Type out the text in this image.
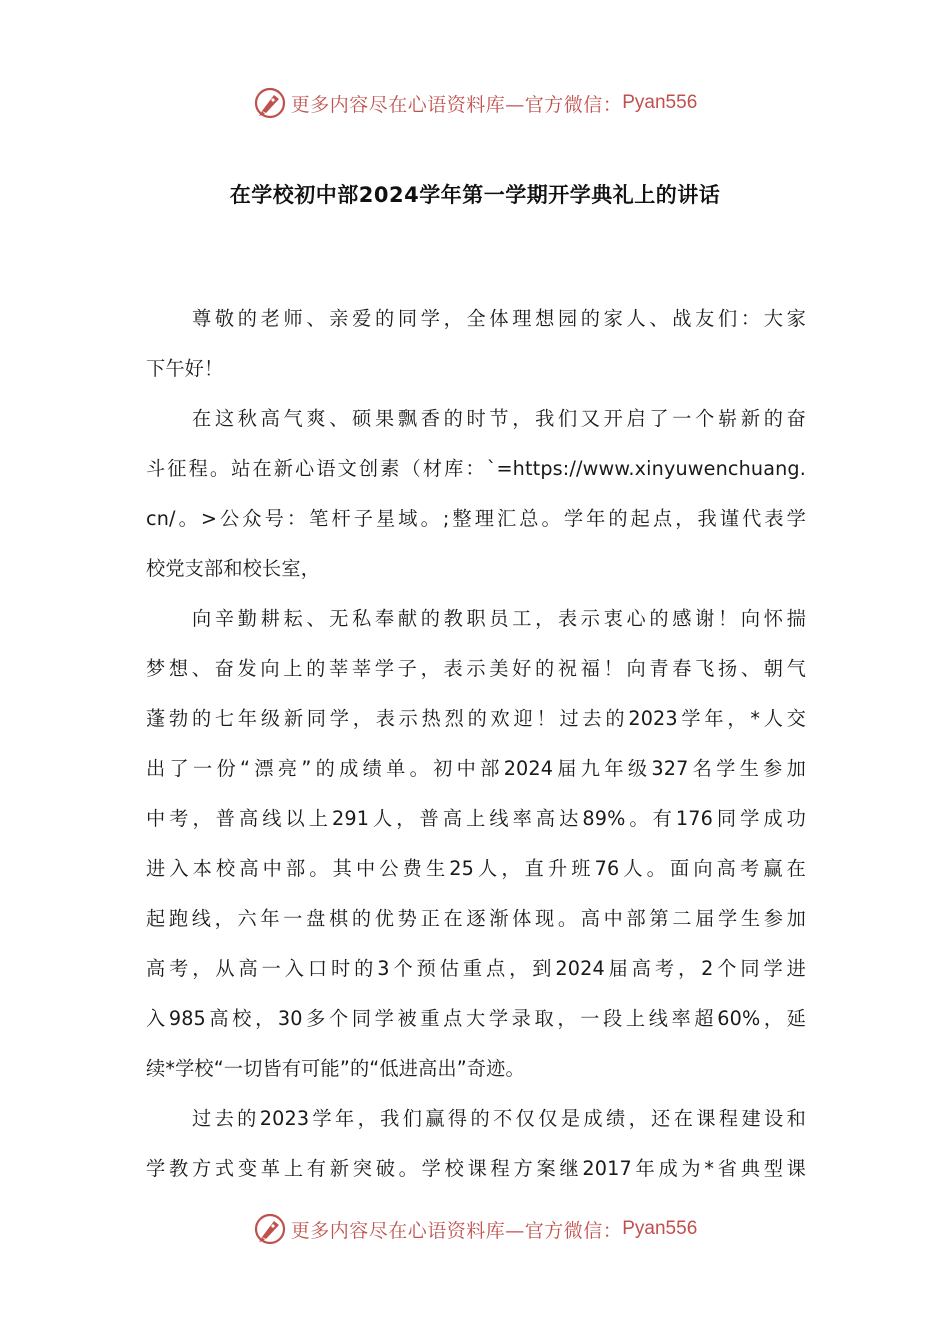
更多内容尽在心语资料库—官方微信： Pyan556
在学校初中部2024学年第一学期开学典礼上的讲话
尊敬的老师、亲爱的同学，全体理想园的家人、战友们：大家
下午好！
在这秋高气爽、硕果飘香的时节，我们又开启了一个崭新的奋
斗征程。站在新心语文创素（材库：`=https://www.xinyuwenchuang.
cn/。>公众号：笔杆子星域。;整理汇总。学年的起点，我谨代表学
校党支部和校长室，
向辛勤耕耘、无私奉献的教职员工，表示衷心的感谢！向怀揣
梦想、奋发向上的莘莘学子，表示美好的祝福！向青春飞扬、朝气
蓬勃的七年级新同学，表示热烈的欢迎！过去的2023学年，*人交
出了一份“漂亮”的成绩单。初中部2024届九年级327名学生参加
中考，普高线以上291人，普高上线率高达89%。有176同学成功
进入本校高中部。其中公费生25人，直升班76人。面向高考赢在
起跑线，六年一盘棋的优势正在逐渐体现。高中部第二届学生参加
高考，从高一入口时的3个预估重点，到2024届高考，2个同学进
入985高校，30多个同学被重点大学录取，一段上线率超60%，延
续*学校“一切皆有可能”的“低进高出”奇迹。
过去的2023学年，我们赢得的不仅仅是成绩，还在课程建设和
学教方式变革上有新突破。学校课程方案继2017年成为*省典型课
更多内容尽在心语资料库—官方微信： Pyan556
